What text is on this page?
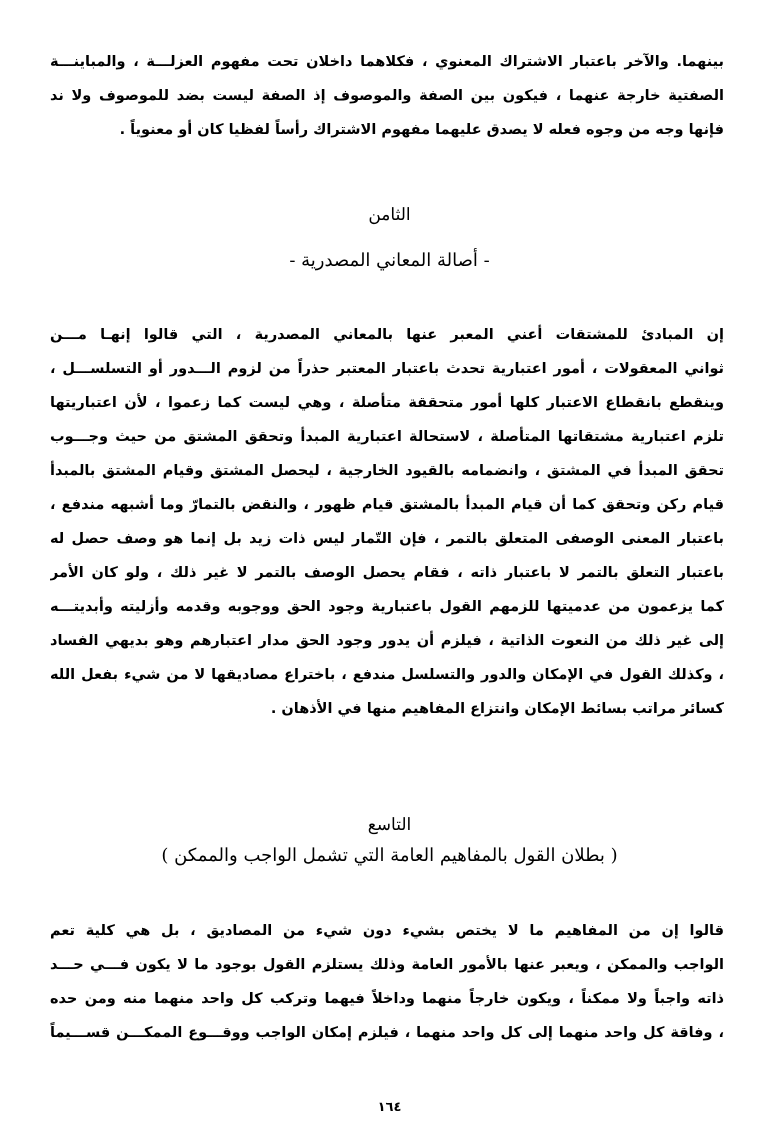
بينهما. والآخر باعتبار الاشتراك المعنوي ، فكلاهما داخلان تحت مفهوم العزلـــة ، والمباينـــة
الصفتية خارجة عنهما ، فيكون بين الصفة والموصوف إذ الصفة ليست بضد للموصوف ولا ند
فإنها وجه من وجوه فعله لا يصدق عليهما مفهوم الاشتراك رأساً لفظيا كان أو معنوياً .
الثامن
- أصالة المعاني المصدرية -
إن المبادئ للمشتقات أعني المعبر عنها بالمعاني المصدرية ، التي قالوا إنهـا مـــن
ثواني المعقولات ، أمور اعتبارية تحدث باعتبار المعتبر حذراً من لزوم الـــدور أو التسلســـل ،
وينقطع بانقطاع الاعتبار كلها أمور متحققة متأصلة ، وهي ليست كما زعموا ، لأن اعتباريتها
تلزم اعتبارية مشتقاتها المتأصلة ، لاستحالة اعتبارية المبدأ وتحقق المشتق من حيث وجـــوب
تحقق المبدأ في المشتق ، وانضمامه بالقيود الخارجية ، ليحصل المشتق وقيام المشتق بالمبدأ
قيام ركن وتحقق كما أن قيام المبدأ بالمشتق قيام ظهور ، والنقض بالتمارّ وما أشبهه مندفع ،
باعتبار المعنى الوصفى المتعلق بالتمر ، فإن التّمار ليس ذات زيد بل إنما هو وصف حصل له
باعتبار التعلق بالتمر لا باعتبار ذاته ، فقام يحصل الوصف بالتمر لا غير ذلك ، ولو كان الأمر
كما يزعمون من عدميتها للزمهم القول باعتبارية وجود الحق ووجوبه وقدمه وأزليته وأبديتـــه
إلى غير ذلك من النعوت الذاتية ، فيلزم أن يدور وجود الحق مدار اعتبارهم وهو بديهي الفساد
، وكذلك القول في الإمكان والدور والتسلسل مندفع ، باختراع مصاديقها لا من شيء بفعل الله
كسائر مراتب بسائط الإمكان وانتزاع المفاهيم منها في الأذهان .
التاسع
( بطلان القول بالمفاهيم العامة التي تشمل الواجب والممكن )
قالوا إن من المفاهيم ما لا يختص بشيء دون شيء من المصاديق ، بل هي كلية تعم
الواجب والممكن ، ويعبر عنها بالأمور العامة وذلك يستلزم القول بوجود ما لا يكون فـــي حـــد
ذاته واجباً ولا ممكناً ، ويكون خارجاً منهما وداخلاً فيهما وتركب كل واحد منهما منه ومن حده
، وفاقة كل واحد منهما إلى كل واحد منهما ، فيلزم إمكان الواجب ووقـــوع الممكـــن قســـيماً
١٦٤
